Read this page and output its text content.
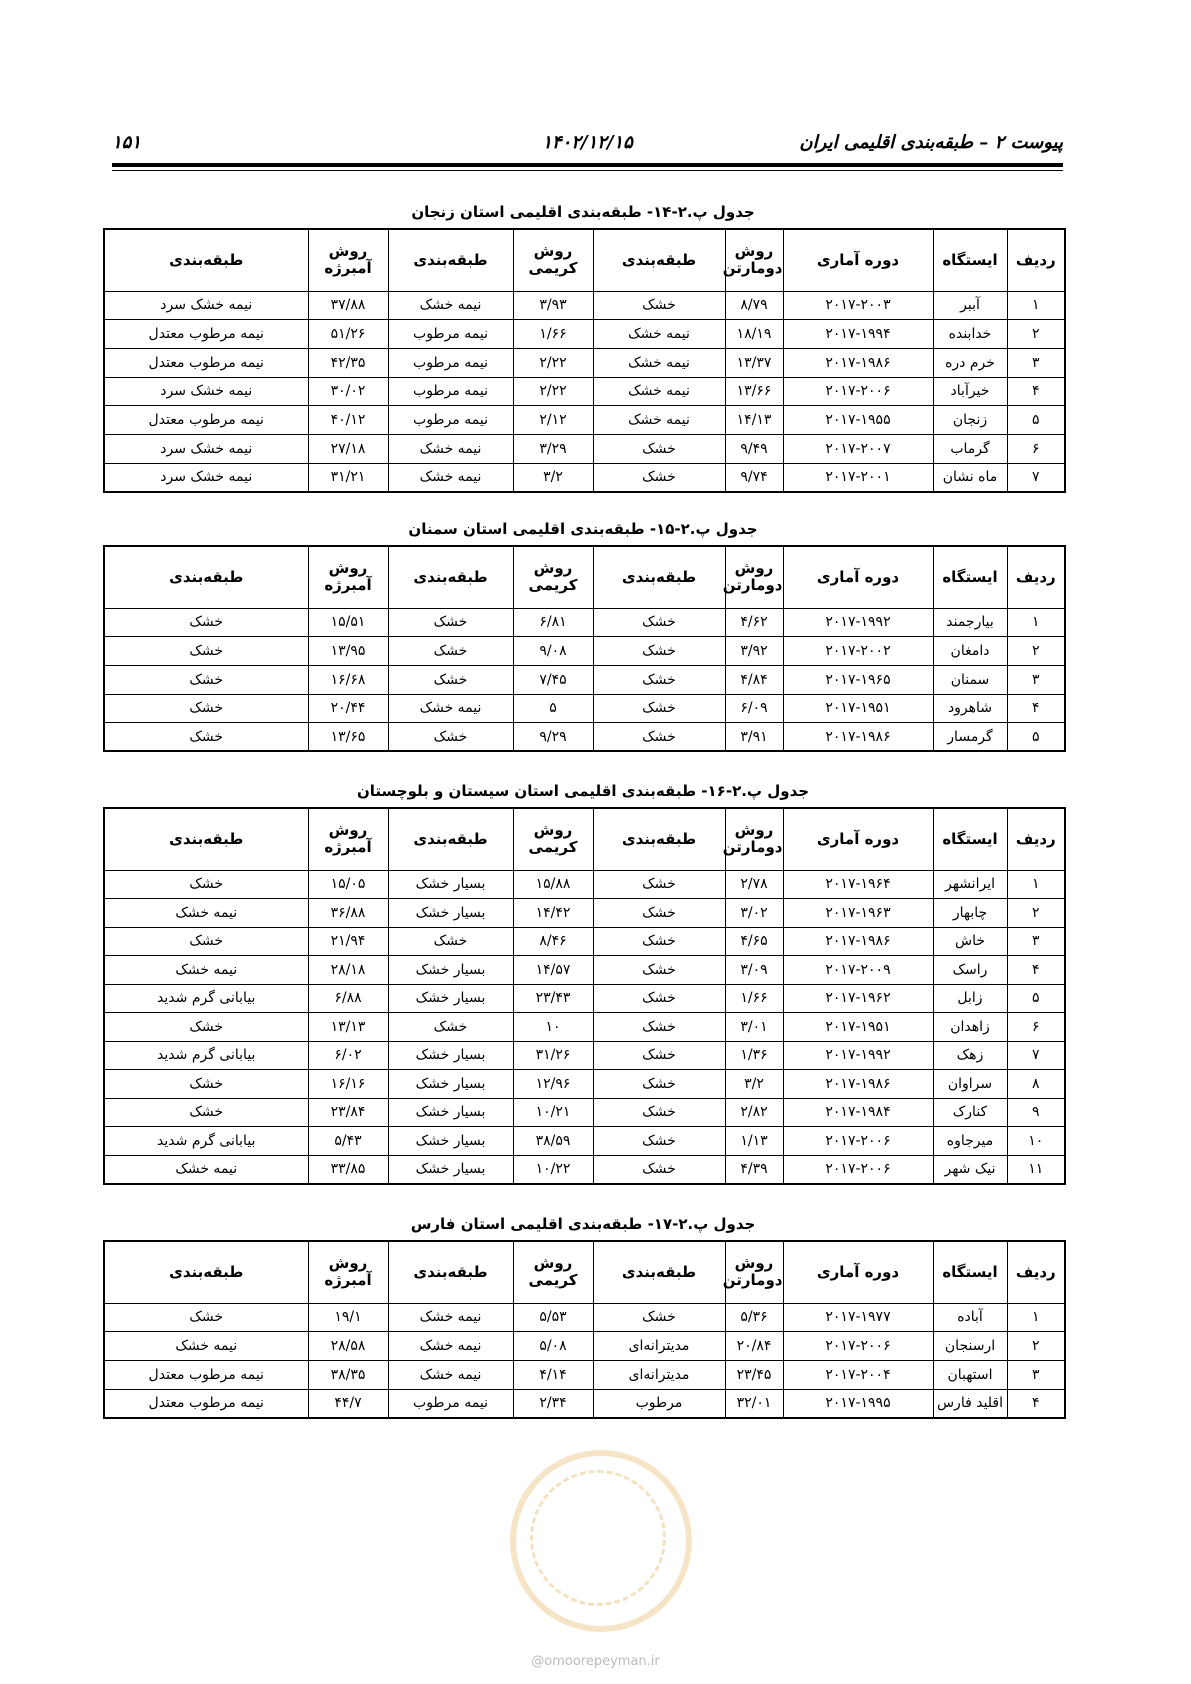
پیوست ۲ – طبقه‌بندی اقلیمی ایران
۱۴۰۲/۱۲/۱۵
۱۵۱
جدول پ.۲-۱۴- طبقه‌بندی اقلیمی استان زنجان
ردیف	ایستگاه	دوره آماری	روش دومارتن	طبقه‌بندی	روش کریمی	طبقه‌بندی	روش آمبرژه	طبقه‌بندی
۱	آببر	۲۰۱۷-۲۰۰۳	۸/۷۹	خشک	۳/۹۳	نیمه خشک	۳۷/۸۸	نیمه خشک سرد
۲	خدابنده	۲۰۱۷-۱۹۹۴	۱۸/۱۹	نیمه خشک	۱/۶۶	نیمه مرطوب	۵۱/۲۶	نیمه مرطوب معتدل
۳	خرم دره	۲۰۱۷-۱۹۸۶	۱۳/۳۷	نیمه خشک	۲/۲۲	نیمه مرطوب	۴۲/۳۵	نیمه مرطوب معتدل
۴	خیرآباد	۲۰۱۷-۲۰۰۶	۱۳/۶۶	نیمه خشک	۲/۲۲	نیمه مرطوب	۳۰/۰۲	نیمه خشک سرد
۵	زنجان	۲۰۱۷-۱۹۵۵	۱۴/۱۳	نیمه خشک	۲/۱۲	نیمه مرطوب	۴۰/۱۲	نیمه مرطوب معتدل
۶	گرماب	۲۰۱۷-۲۰۰۷	۹/۴۹	خشک	۳/۲۹	نیمه خشک	۲۷/۱۸	نیمه خشک سرد
۷	ماه نشان	۲۰۱۷-۲۰۰۱	۹/۷۴	خشک	۳/۲	نیمه خشک	۳۱/۲۱	نیمه خشک سرد
جدول پ.۲-۱۵- طبقه‌بندی اقلیمی استان سمنان
ردیف	ایستگاه	دوره آماری	روش دومارتن	طبقه‌بندی	روش کریمی	طبقه‌بندی	روش آمبرژه	طبقه‌بندی
۱	بیارجمند	۲۰۱۷-۱۹۹۲	۴/۶۲	خشک	۶/۸۱	خشک	۱۵/۵۱	خشک
۲	دامغان	۲۰۱۷-۲۰۰۲	۳/۹۲	خشک	۹/۰۸	خشک	۱۳/۹۵	خشک
۳	سمنان	۲۰۱۷-۱۹۶۵	۴/۸۴	خشک	۷/۴۵	خشک	۱۶/۶۸	خشک
۴	شاهرود	۲۰۱۷-۱۹۵۱	۶/۰۹	خشک	۵	نیمه خشک	۲۰/۴۴	خشک
۵	گرمسار	۲۰۱۷-۱۹۸۶	۳/۹۱	خشک	۹/۲۹	خشک	۱۳/۶۵	خشک
جدول پ.۲-۱۶- طبقه‌بندی اقلیمی استان سیستان و بلوچستان
ردیف	ایستگاه	دوره آماری	روش دومارتن	طبقه‌بندی	روش کریمی	طبقه‌بندی	روش آمبرژه	طبقه‌بندی
۱	ایرانشهر	۲۰۱۷-۱۹۶۴	۲/۷۸	خشک	۱۵/۸۸	بسیار خشک	۱۵/۰۵	خشک
۲	چابهار	۲۰۱۷-۱۹۶۳	۳/۰۲	خشک	۱۴/۴۲	بسیار خشک	۳۶/۸۸	نیمه خشک
۳	خاش	۲۰۱۷-۱۹۸۶	۴/۶۵	خشک	۸/۴۶	خشک	۲۱/۹۴	خشک
۴	راسک	۲۰۱۷-۲۰۰۹	۳/۰۹	خشک	۱۴/۵۷	بسیار خشک	۲۸/۱۸	نیمه خشک
۵	زابل	۲۰۱۷-۱۹۶۲	۱/۶۶	خشک	۲۳/۴۳	بسیار خشک	۶/۸۸	بیابانی گرم شدید
۶	زاهدان	۲۰۱۷-۱۹۵۱	۳/۰۱	خشک	۱۰	خشک	۱۳/۱۳	خشک
۷	زهک	۲۰۱۷-۱۹۹۲	۱/۳۶	خشک	۳۱/۲۶	بسیار خشک	۶/۰۲	بیابانی گرم شدید
۸	سراوان	۲۰۱۷-۱۹۸۶	۳/۲	خشک	۱۲/۹۶	بسیار خشک	۱۶/۱۶	خشک
۹	کنارک	۲۰۱۷-۱۹۸۴	۲/۸۲	خشک	۱۰/۲۱	بسیار خشک	۲۳/۸۴	خشک
۱۰	میرجاوه	۲۰۱۷-۲۰۰۶	۱/۱۳	خشک	۳۸/۵۹	بسیار خشک	۵/۴۳	بیابانی گرم شدید
۱۱	نیک شهر	۲۰۱۷-۲۰۰۶	۴/۳۹	خشک	۱۰/۲۲	بسیار خشک	۳۳/۸۵	نیمه خشک
جدول پ.۲-۱۷- طبقه‌بندی اقلیمی استان فارس
ردیف	ایستگاه	دوره آماری	روش دومارتن	طبقه‌بندی	روش کریمی	طبقه‌بندی	روش آمبرژه	طبقه‌بندی
۱	آباده	۲۰۱۷-۱۹۷۷	۵/۳۶	خشک	۵/۵۳	نیمه خشک	۱۹/۱	خشک
۲	ارسنجان	۲۰۱۷-۲۰۰۶	۲۰/۸۴	مدیترانه‌ای	۵/۰۸	نیمه خشک	۲۸/۵۸	نیمه خشک
۳	استهبان	۲۰۱۷-۲۰۰۴	۲۳/۴۵	مدیترانه‌ای	۴/۱۴	نیمه خشک	۳۸/۳۵	نیمه مرطوب معتدل
۴	اقلید فارس	۲۰۱۷-۱۹۹۵	۳۲/۰۱	مرطوب	۲/۳۴	نیمه مرطوب	۴۴/۷	نیمه مرطوب معتدل
@omoorepeyman.ir
